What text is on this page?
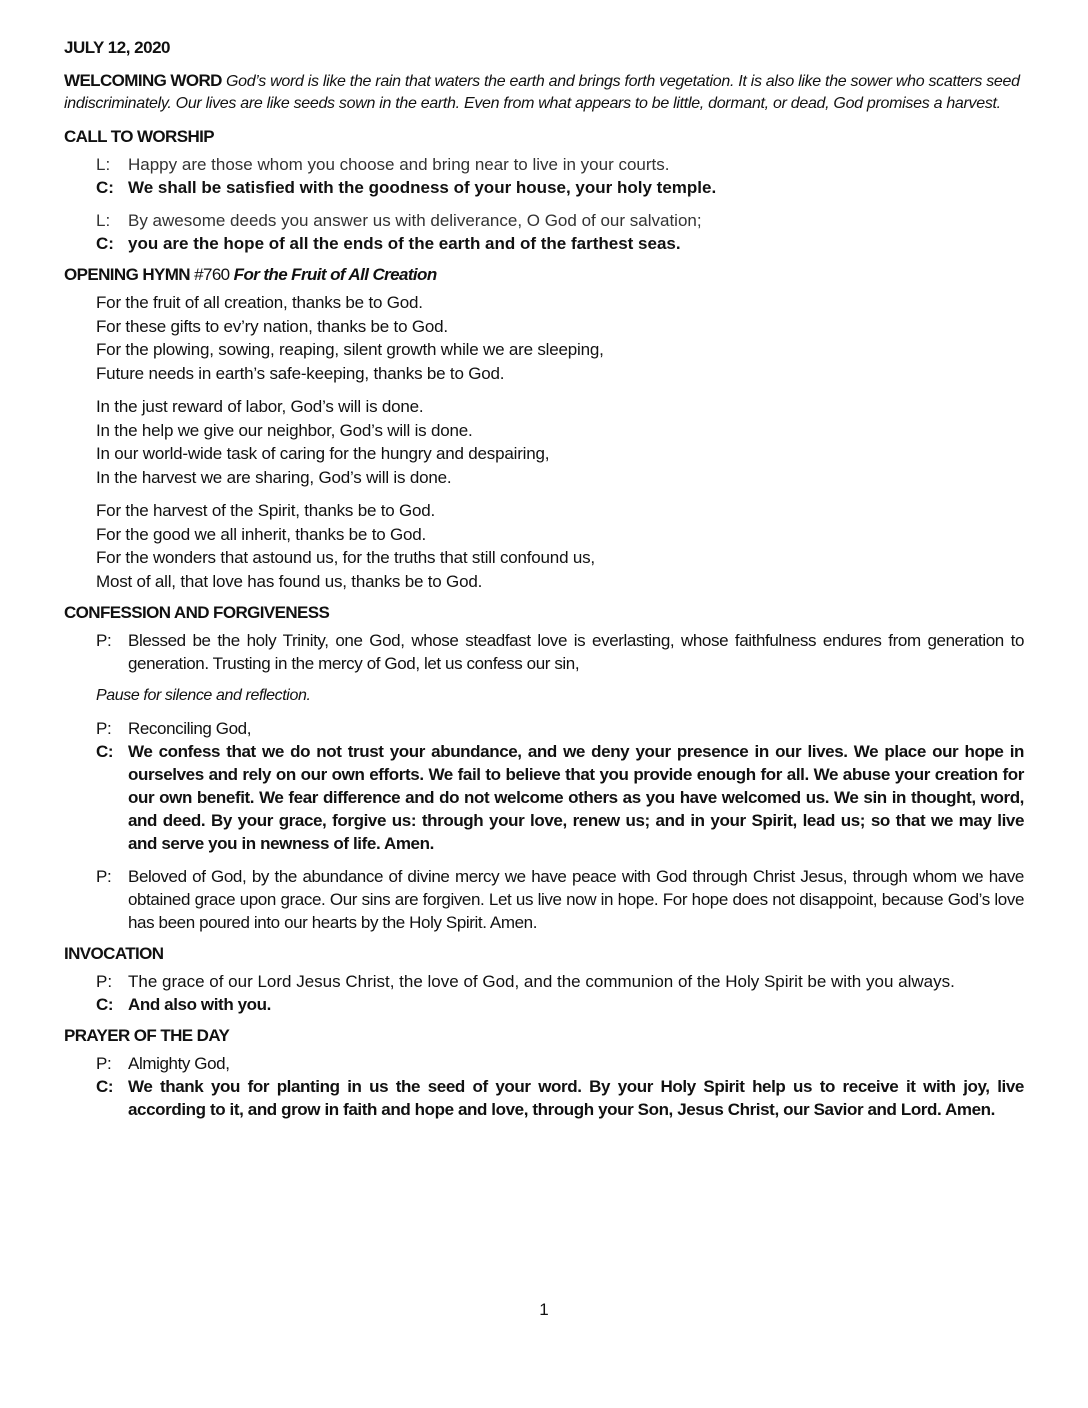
JULY 12, 2020
WELCOMING WORD God’s word is like the rain that waters the earth and brings forth vegetation. It is also like the sower who scatters seed indiscriminately. Our lives are like seeds sown in the earth. Even from what appears to be little, dormant, or dead, God promises a harvest.
CALL TO WORSHIP
L:	Happy are those whom you choose and bring near to live in your courts.
C: We shall be satisfied with the goodness of your house, your holy temple.
L:	By awesome deeds you answer us with deliverance, O God of our salvation;
C: you are the hope of all the ends of the earth and of the farthest seas.
OPENING HYMN #760 For the Fruit of All Creation
For the fruit of all creation, thanks be to God.
For these gifts to ev’ry nation, thanks be to God.
For the plowing, sowing, reaping, silent growth while we are sleeping,
Future needs in earth’s safe-keeping, thanks be to God.
In the just reward of labor, God’s will is done.
In the help we give our neighbor, God’s will is done.
In our world-wide task of caring for the hungry and despairing,
In the harvest we are sharing, God’s will is done.
For the harvest of the Spirit, thanks be to God.
For the good we all inherit, thanks be to God.
For the wonders that astound us, for the truths that still confound us,
Most of all, that love has found us, thanks be to God.
CONFESSION AND FORGIVENESS
P: Blessed be the holy Trinity, one God, whose steadfast love is everlasting, whose faithfulness endures from generation to generation. Trusting in the mercy of God, let us confess our sin,
Pause for silence and reflection.
P: Reconciling God,
C: We confess that we do not trust your abundance, and we deny your presence in our lives. We place our hope in ourselves and rely on our own efforts. We fail to believe that you provide enough for all. We abuse your creation for our own benefit. We fear difference and do not welcome others as you have welcomed us. We sin in thought, word, and deed. By your grace, forgive us: through your love, renew us; and in your Spirit, lead us; so that we may live and serve you in newness of life. Amen.
P: Beloved of God, by the abundance of divine mercy we have peace with God through Christ Jesus, through whom we have obtained grace upon grace. Our sins are forgiven. Let us live now in hope. For hope does not disappoint, because God’s love has been poured into our hearts by the Holy Spirit. Amen.
INVOCATION
P: The grace of our Lord Jesus Christ, the love of God, and the communion of the Holy Spirit be with you always.
C: And also with you.
PRAYER OF THE DAY
P: Almighty God,
C: We thank you for planting in us the seed of your word. By your Holy Spirit help us to receive it with joy, live according to it, and grow in faith and hope and love, through your Son, Jesus Christ, our Savior and Lord. Amen.
1
